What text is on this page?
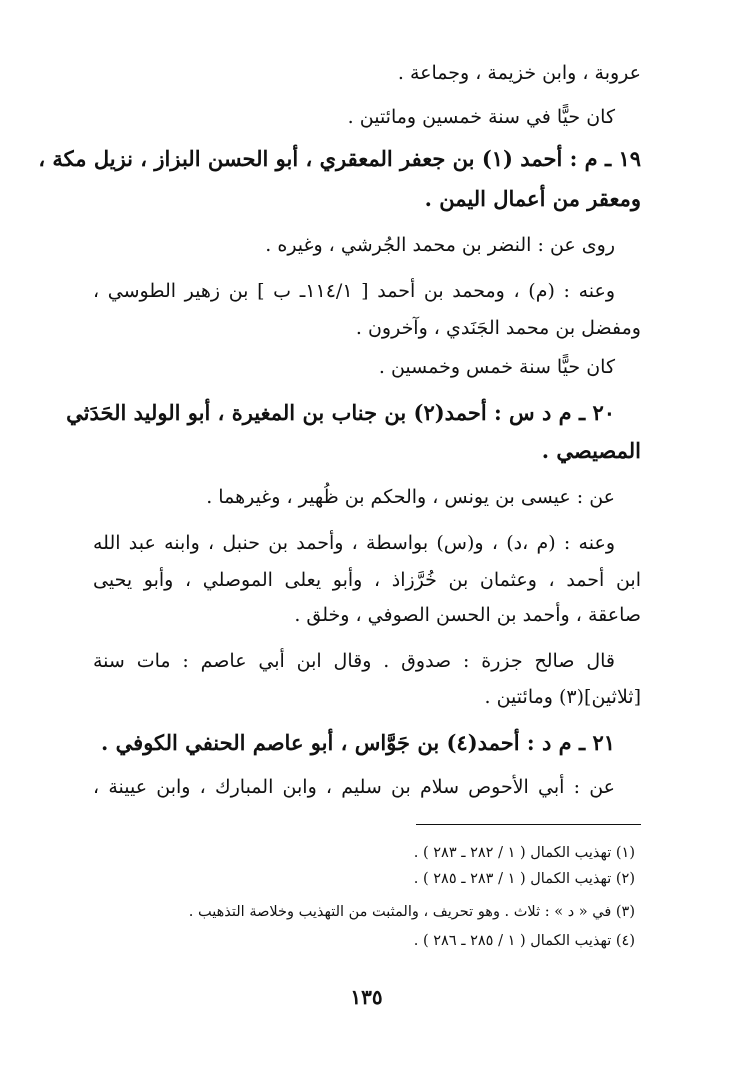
عروبة ، وابن خزيمة ، وجماعة .
كان حيًّا في سنة خمسين ومائتين .
١٩ ـ م : أحمد (١) بن جعفر المعقري ، أبو الحسن البزاز ، نزيل مكة ،
ومعقر من أعمال اليمن .
روى عن : النضر بن محمد الجُرشي ، وغيره .
وعنه : (م) ، ومحمد بن أحمد [ ١١٤/١ـ ب ] بن زهير الطوسي ،
ومفضل بن محمد الجَنَدي ، وآخرون .
كان حيًّا سنة خمس وخمسين .
٢٠ ـ م د س : أحمد(٢) بن جناب بن المغيرة ، أبو الوليد الحَدَثي
المصيصي .
عن : عيسى بن يونس ، والحكم بن ظُهير ، وغيرهما .
وعنه : (م ،د) ، و(س) بواسطة ، وأحمد بن حنبل ، وابنه عبد الله
ابن أحمد ، وعثمان بن خُرَّزاذ ، وأبو يعلى الموصلي ، وأبو يحيى
صاعقة ، وأحمد بن الحسن الصوفي ، وخلق .
قال صالح جزرة : صدوق . وقال ابن أبي عاصم : مات سنة
[ثلاثين](٣) ومائتين .
٢١ ـ م د : أحمد(٤) بن جَوَّاس ، أبو عاصم الحنفي الكوفي .
عن : أبي الأحوص سلام بن سليم ، وابن المبارك ، وابن عيينة ،
(١) تهذيب الكمال ( ١ / ٢٨٢ ـ ٢٨٣ ) .
(٢) تهذيب الكمال ( ١ / ٢٨٣ ـ ٢٨٥ ) .
(٣) في « د » : ثلاث . وهو تحريف ، والمثبت من التهذيب وخلاصة التذهيب .
(٤) تهذيب الكمال ( ١ / ٢٨٥ ـ ٢٨٦ ) .
١٣٥
